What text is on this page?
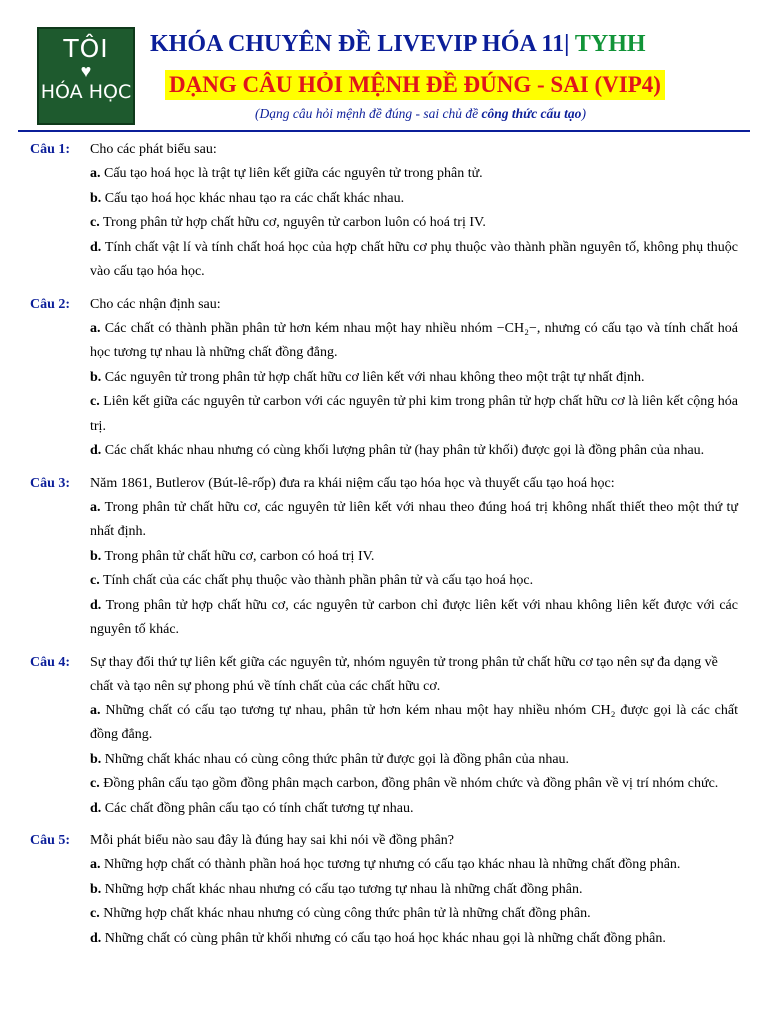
TÔI
♥
HÓA HỌC
KHÓA CHUYÊN ĐỀ LIVEVIP HÓA 11| TYHH
DẠNG CÂU HỎI MỆNH ĐỀ ĐÚNG - SAI (VIP4)
(Dạng câu hỏi mệnh đề đúng - sai chủ đề công thức cấu tạo)
Câu 1: Cho các phát biểu sau:
a. Cấu tạo hoá học là trật tự liên kết giữa các nguyên tử trong phân tử.
b. Cấu tạo hoá học khác nhau tạo ra các chất khác nhau.
c. Trong phân tử hợp chất hữu cơ, nguyên tử carbon luôn có hoá trị IV.
d. Tính chất vật lí và tính chất hoá học của hợp chất hữu cơ phụ thuộc vào thành phần nguyên tố, không phụ thuộc vào cấu tạo hóa học.
Câu 2: Cho các nhận định sau:
a. Các chất có thành phần phân tử hơn kém nhau một hay nhiều nhóm −CH₂−, nhưng có cấu tạo và tính chất hoá học tương tự nhau là những chất đồng đẳng.
b. Các nguyên tử trong phân tử hợp chất hữu cơ liên kết với nhau không theo một trật tự nhất định.
c. Liên kết giữa các nguyên tử carbon với các nguyên tử phi kim trong phân tử hợp chất hữu cơ là liên kết cộng hóa trị.
d. Các chất khác nhau nhưng có cùng khối lượng phân tử (hay phân tử khối) được gọi là đồng phân của nhau.
Câu 3: Năm 1861, Butlerov (Bút-lê-rốp) đưa ra khái niệm cấu tạo hóa học và thuyết cấu tạo hoá học:
a. Trong phân tử chất hữu cơ, các nguyên tử liên kết với nhau theo đúng hoá trị không nhất thiết theo một thứ tự nhất định.
b. Trong phân tử chất hữu cơ, carbon có hoá trị IV.
c. Tính chất của các chất phụ thuộc vào thành phần phân tử và cấu tạo hoá học.
d. Trong phân tử hợp chất hữu cơ, các nguyên tử carbon chỉ được liên kết với nhau không liên kết được với các nguyên tố khác.
Câu 4: Sự thay đổi thứ tự liên kết giữa các nguyên tử, nhóm nguyên tử trong phân tử chất hữu cơ tạo nên sự đa dạng về chất và tạo nên sự phong phú về tính chất của các chất hữu cơ.
a. Những chất có cấu tạo tương tự nhau, phân tử hơn kém nhau một hay nhiều nhóm CH₂ được gọi là các chất đồng đẳng.
b. Những chất khác nhau có cùng công thức phân tử được gọi là đồng phân của nhau.
c. Đồng phân cấu tạo gồm đồng phân mạch carbon, đồng phân về nhóm chức và đồng phân về vị trí nhóm chức.
d. Các chất đồng phân cấu tạo có tính chất tương tự nhau.
Câu 5: Mỗi phát biểu nào sau đây là đúng hay sai khi nói về đồng phân?
a. Những hợp chất có thành phần hoá học tương tự nhưng có cấu tạo khác nhau là những chất đồng phân.
b. Những hợp chất khác nhau nhưng có cấu tạo tương tự nhau là những chất đồng phân.
c. Những hợp chất khác nhau nhưng có cùng công thức phân tử là những chất đồng phân.
d. Những chất có cùng phân tử khối nhưng có cấu tạo hoá học khác nhau gọi là những chất đồng phân.
